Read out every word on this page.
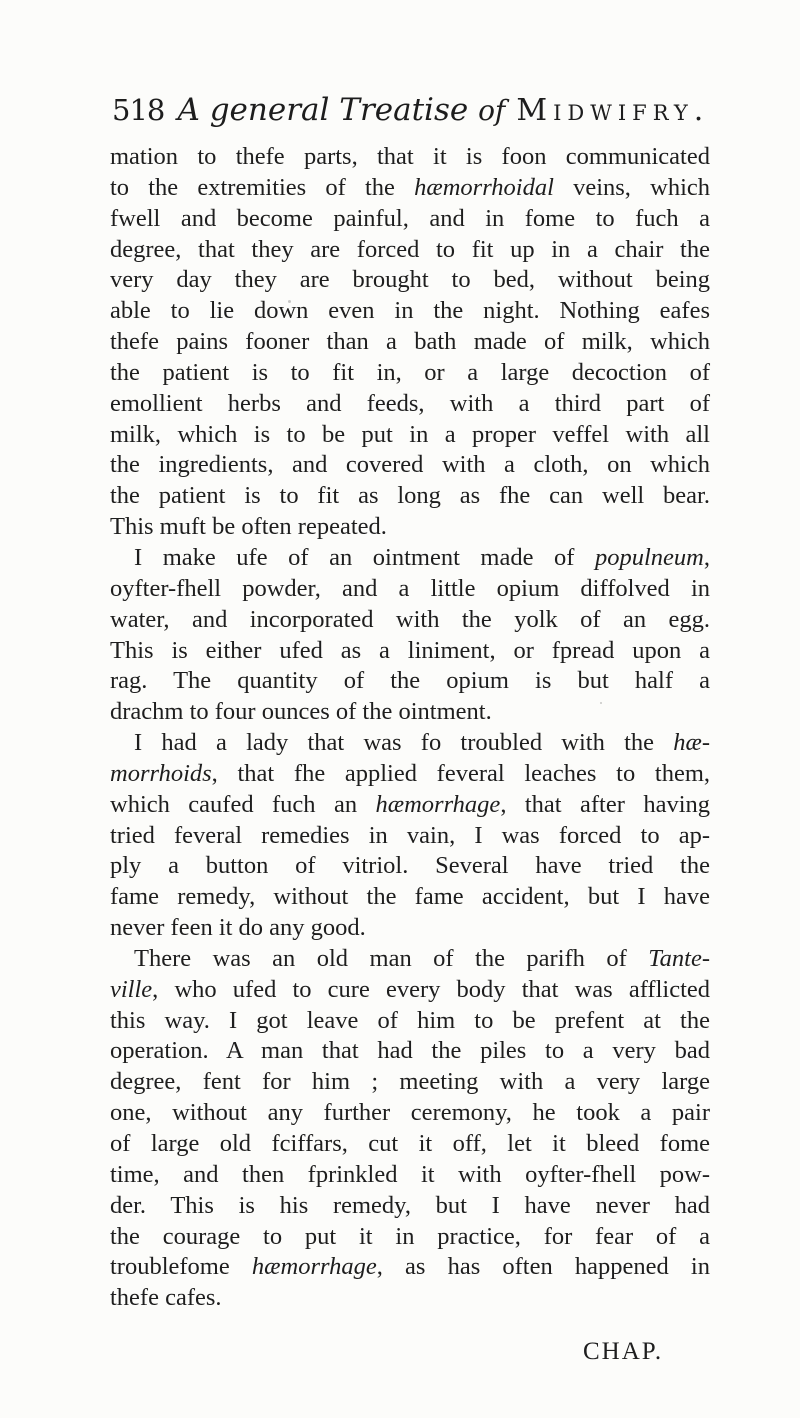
518 A general Treatise of Midwifry.
mation to thefe parts, that it is foon communicated
to the extremities of the hæmorrhoidal veins, which
fwell and become painful, and in fome to fuch a
degree, that they are forced to fit up in a chair the
very day they are brought to bed, without being
able to lie down even in the night. Nothing eafes
thefe pains fooner than a bath made of milk, which
the patient is to fit in, or a large decoction of
emollient herbs and feeds, with a third part of
milk, which is to be put in a proper veffel with all
the ingredients, and covered with a cloth, on which
the patient is to fit as long as fhe can well bear.
This muft be often repeated.
I make ufe of an ointment made of populneum,
oyfter-fhell powder, and a little opium diffolved in
water, and incorporated with the yolk of an egg.
This is either ufed as a liniment, or fpread upon a
rag. The quantity of the opium is but half a
drachm to four ounces of the ointment.
I had a lady that was fo troubled with the hæ-
morrhoids, that fhe applied feveral leaches to them,
which caufed fuch an hæmorrhage, that after having
tried feveral remedies in vain, I was forced to ap-
ply a button of vitriol. Several have tried the
fame remedy, without the fame accident, but I have
never feen it do any good.
There was an old man of the parifh of Tante-
ville, who ufed to cure every body that was afflicted
this way. I got leave of him to be prefent at the
operation. A man that had the piles to a very bad
degree, fent for him ; meeting with a very large
one, without any further ceremony, he took a pair
of large old fciffars, cut it off, let it bleed fome
time, and then fprinkled it with oyfter-fhell pow-
der. This is his remedy, but I have never had
the courage to put it in practice, for fear of a
troublefome hæmorrhage, as has often happened in
thefe cafes.
CHAP.
